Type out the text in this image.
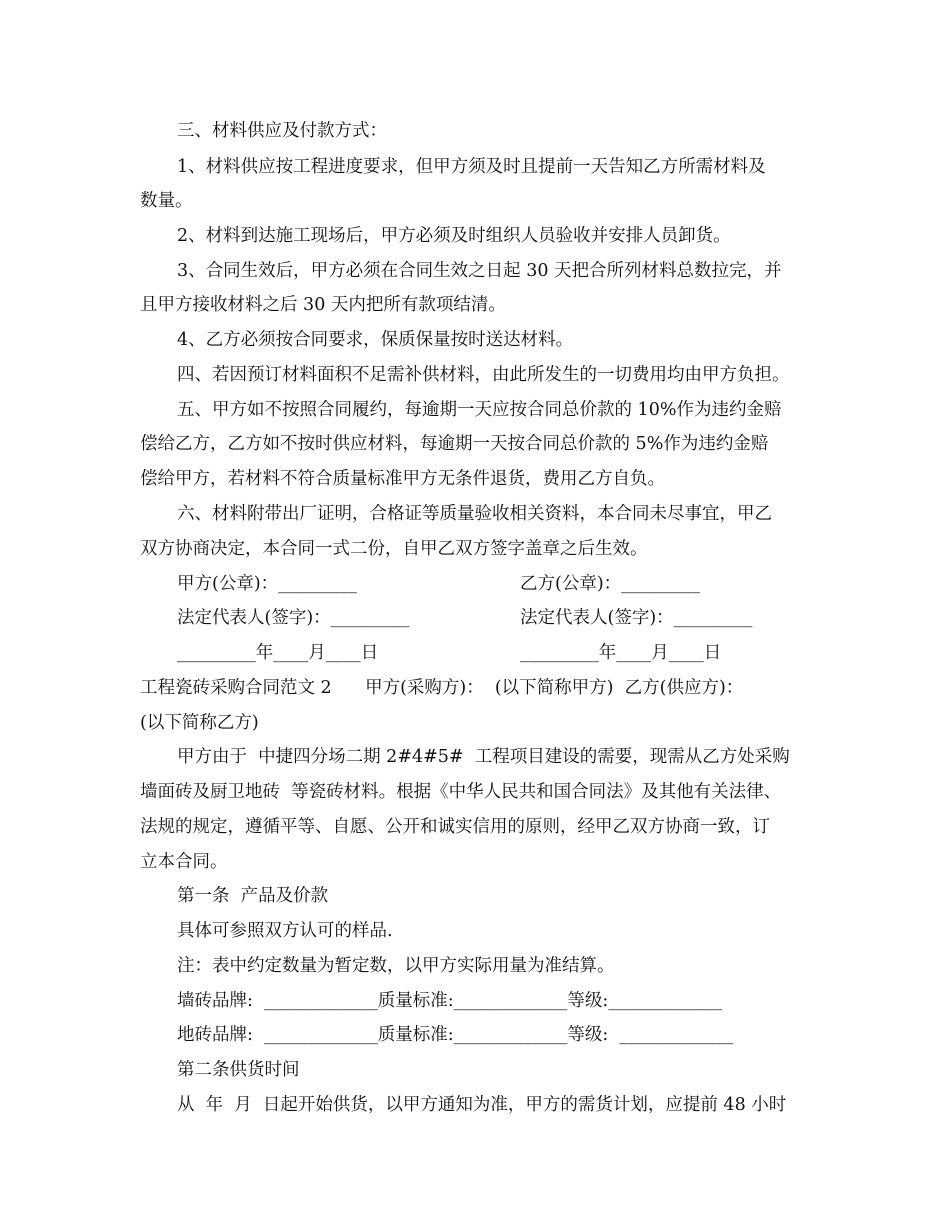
三、材料供应及付款方式：
1、材料供应按工程进度要求，但甲方须及时且提前一天告知乙方所需材料及
数量。
2、材料到达施工现场后，甲方必须及时组织人员验收并安排人员卸货。
3、合同生效后，甲方必须在合同生效之日起 30 天把合所列材料总数拉完，并
且甲方接收材料之后 30 天内把所有款项结清。
4、乙方必须按合同要求，保质保量按时送达材料。
四、若因预订材料面积不足需补供材料，由此所发生的一切费用均由甲方负担。
五、甲方如不按照合同履约，每逾期一天应按合同总价款的 10%作为违约金赔
偿给乙方，乙方如不按时供应材料，每逾期一天按合同总价款的 5%作为违约金赔
偿给甲方，若材料不符合质量标准甲方无条件退货，费用乙方自负。
六、材料附带出厂证明，合格证等质量验收相关资料，本合同未尽事宜，甲乙
双方协商决定，本合同一式二份，自甲乙双方签字盖章之后生效。
甲方(公章)：_________	乙方(公章)：_________
法定代表人(签字)：_________	法定代表人(签字)：_________
_________年____月____日	_________年____月____日
工程瓷砖采购合同范文 2      甲方(采购方)：  (以下简称甲方)  乙方(供应方)：
(以下简称乙方)
甲方由于  中捷四分场二期 2#4#5#  工程项目建设的需要，现需从乙方处采购
墙面砖及厨卫地砖  等瓷砖材料。根据《中华人民共和国合同法》及其他有关法律、
法规的规定，遵循平等、自愿、公开和诚实信用的原则，经甲乙双方协商一致，订
立本合同。
第一条  产品及价款
具体可参照双方认可的样品.
注：表中约定数量为暂定数，以甲方实际用量为准结算。
墙砖品牌:  _____________质量标准:_____________等级:_____________
地砖品牌:  _____________质量标准:_____________等级:  _____________
第二条供货时间
从  年  月  日起开始供货，以甲方通知为准，甲方的需货计划，应提前 48 小时
